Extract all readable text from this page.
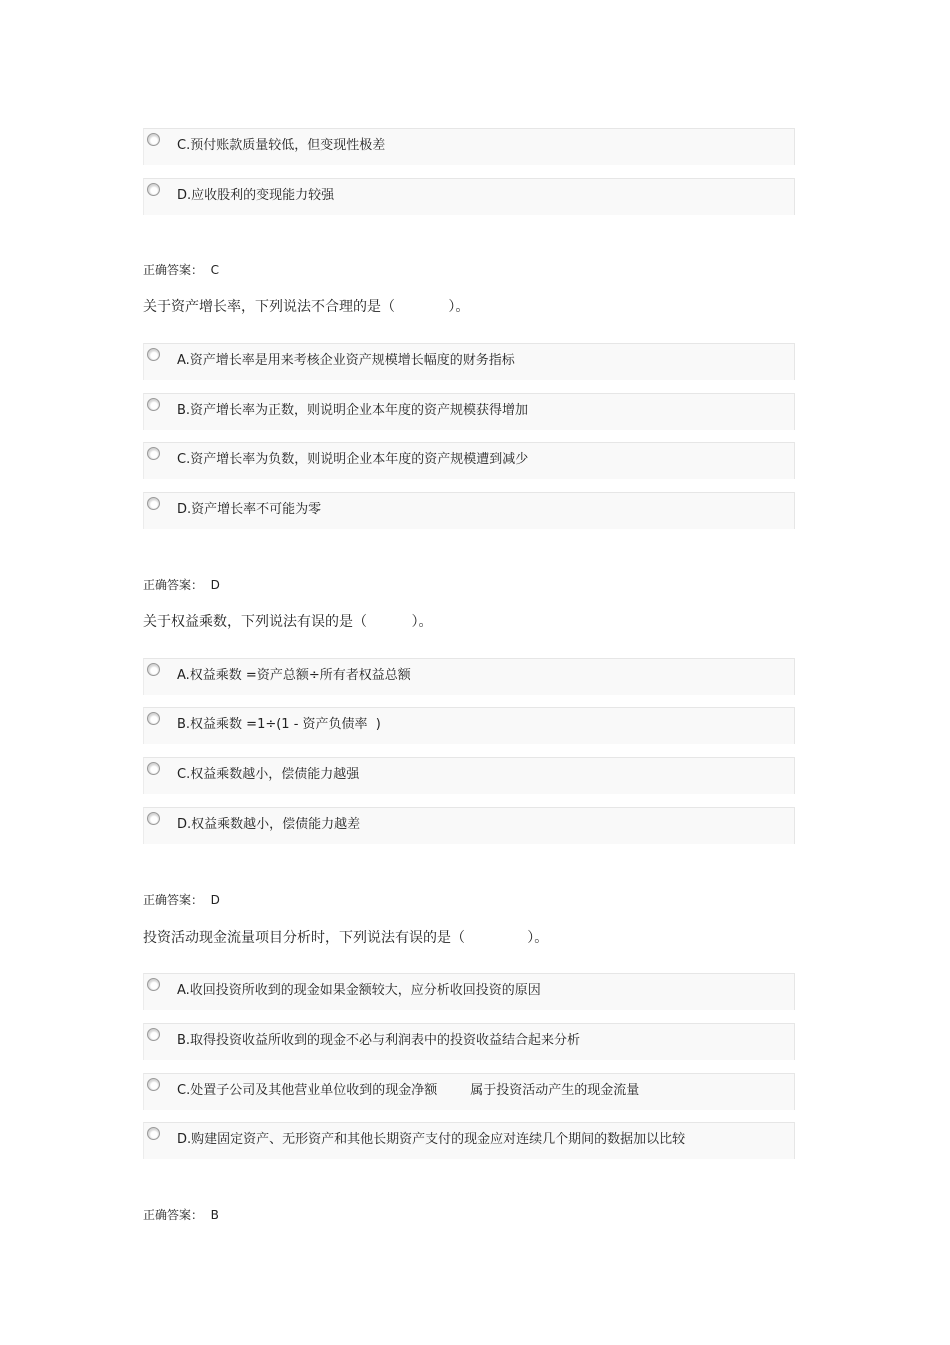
C.预付账款质量较低，但变现性极差
D.应收股利的变现能力较强
正确答案：  C
关于资产增长率，下列说法不合理的是（            ）。
A.资产增长率是用来考核企业资产规模增长幅度的财务指标
B.资产增长率为正数，则说明企业本年度的资产规模获得增加
C.资产增长率为负数，则说明企业本年度的资产规模遭到减少
D.资产增长率不可能为零
正确答案：  D
关于权益乘数，下列说法有误的是（          ）。
A.权益乘数 =资产总额÷所有者权益总额
B.权益乘数 =1÷(1 - 资产负债率  )
C.权益乘数越小，偿债能力越强
D.权益乘数越小，偿债能力越差
正确答案：  D
投资活动现金流量项目分析时，下列说法有误的是（              ）。
A.收回投资所收到的现金如果金额较大，应分析收回投资的原因
B.取得投资收益所收到的现金不必与利润表中的投资收益结合起来分析
C.处置子公司及其他营业单位收到的现金净额        属于投资活动产生的现金流量
D.购建固定资产、无形资产和其他长期资产支付的现金应对连续几个期间的数据加以比较
正确答案：  B
